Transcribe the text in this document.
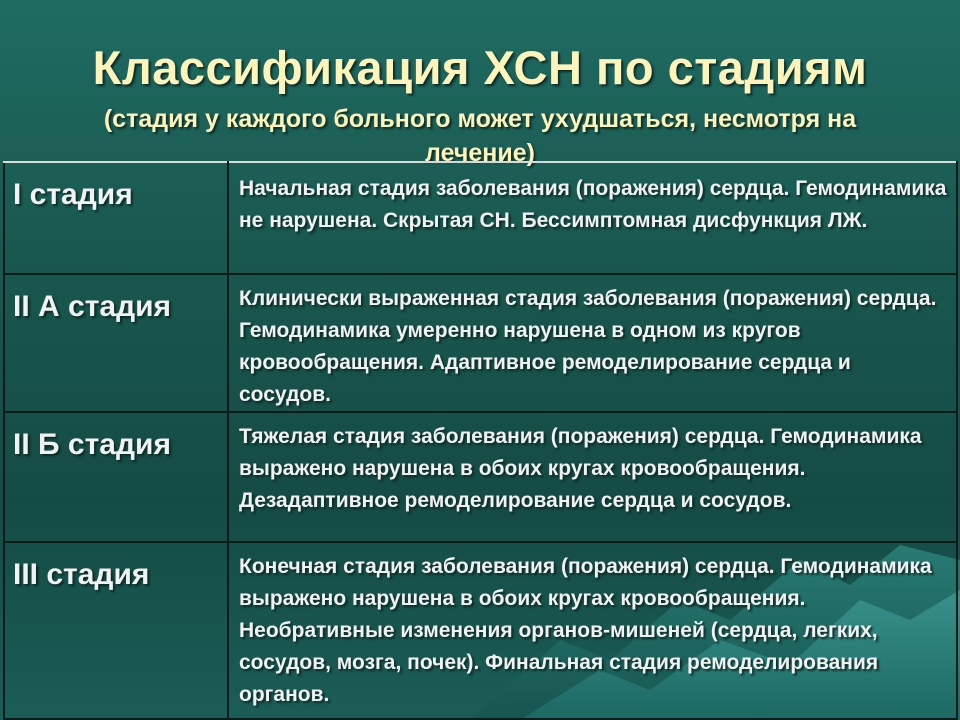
Классификация ХСН по стадиям

(стадия у каждого больного может ухудшаться, несмотря на лечение)

I стадия	Начальная стадия заболевания (поражения) сердца. Гемодинамика не нарушена. Скрытая СН. Бессимптомная дисфункция ЛЖ.
II А стадия	Клинически выраженная стадия заболевания (поражения) сердца. Гемодинамика умеренно нарушена в одном из кругов кровообращения. Адаптивное ремоделирование сердца и сосудов.
II Б стадия	Тяжелая стадия заболевания (поражения) сердца. Гемодинамика выражено нарушена в обоих кругах кровообращения. Дезадаптивное ремоделирование сердца и сосудов.
III стадия	Конечная стадия заболевания (поражения) сердца. Гемодинамика выражено нарушена в обоих кругах кровообращения. Необративные изменения органов-мишеней (сердца, легких, сосудов, мозга, почек). Финальная стадия ремоделирования органов.
